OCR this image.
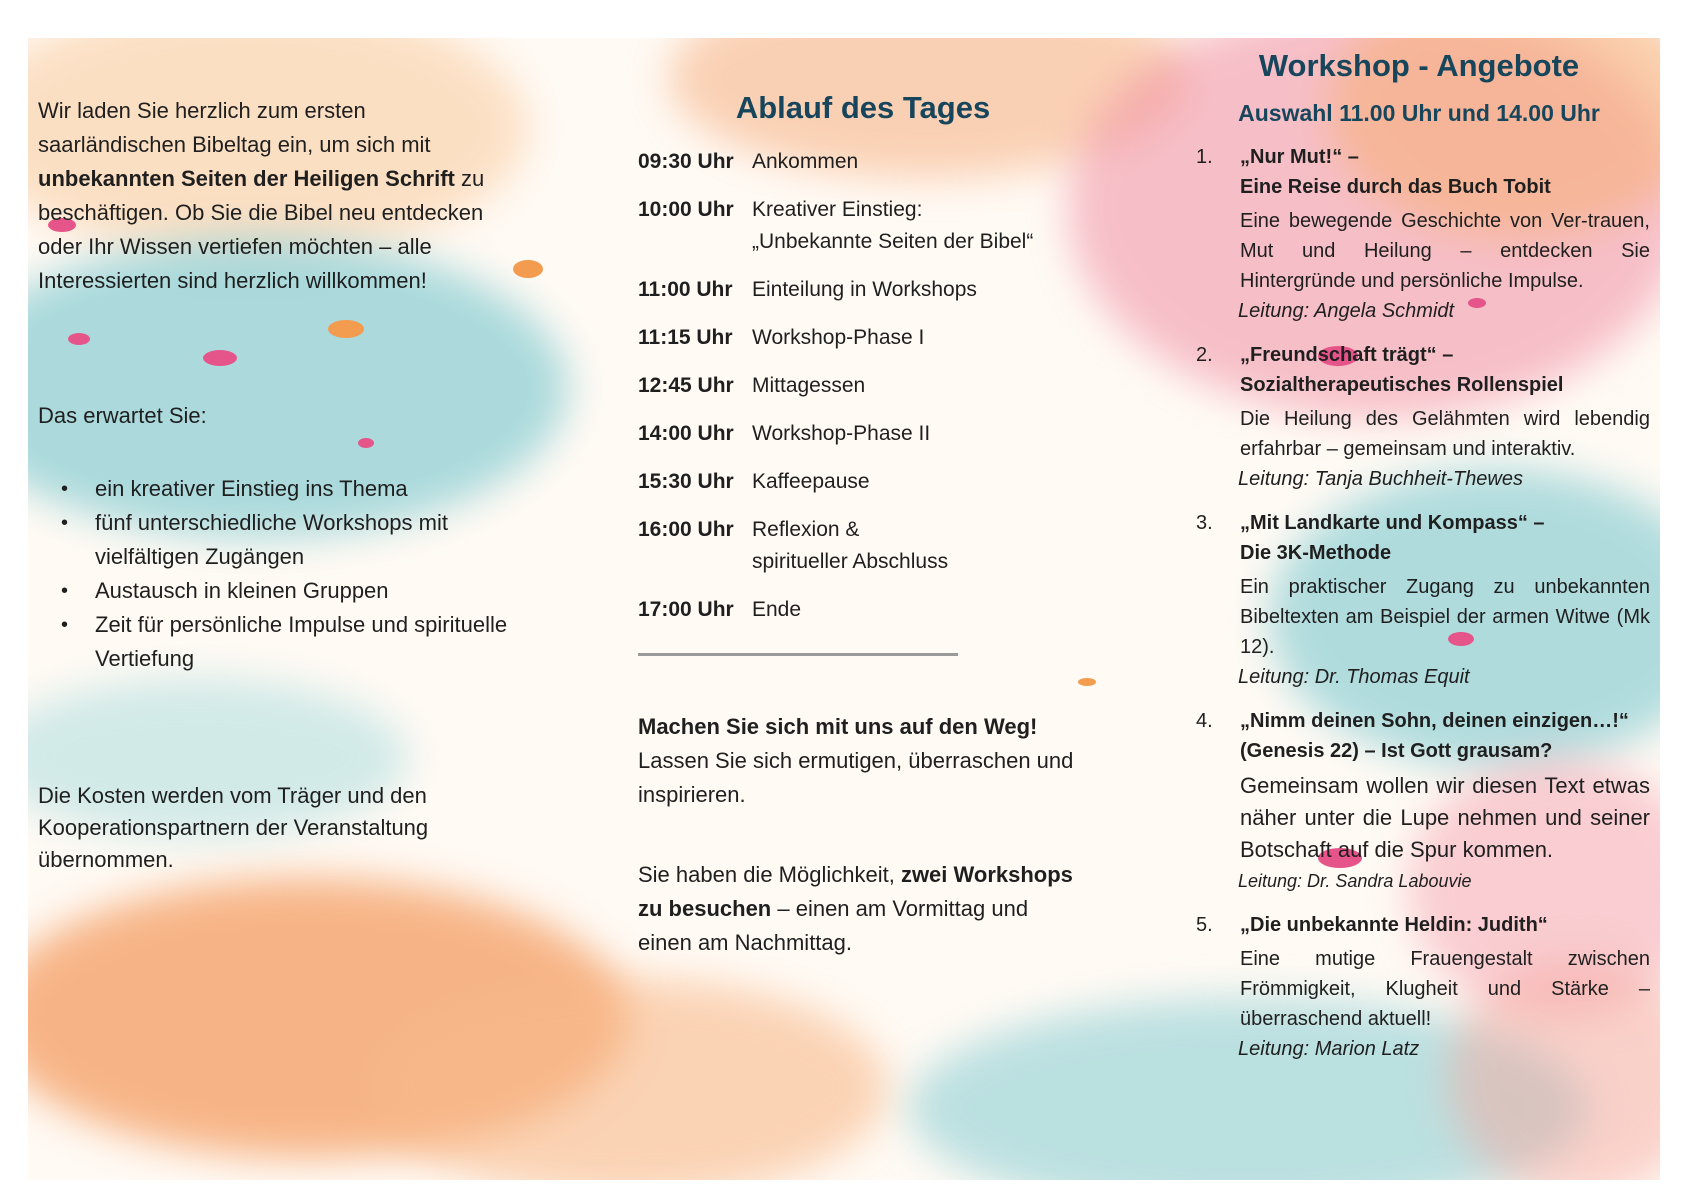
Wir laden Sie herzlich zum ersten saarländischen Bibeltag ein, um sich mit unbekannten Seiten der Heiligen Schrift zu beschäftigen. Ob Sie die Bibel neu entdecken oder Ihr Wissen vertiefen möchten – alle Interessierten sind herzlich willkommen!

Das erwartet Sie:

• ein kreativer Einstieg ins Thema
• fünf unterschiedliche Workshops mit vielfältigen Zugängen
• Austausch in kleinen Gruppen
• Zeit für persönliche Impulse und spirituelle Vertiefung

Die Kosten werden vom Träger und den Kooperationspartnern der Veranstaltung übernommen.

Ablauf des Tages
09:30 Uhr Ankommen
10:00 Uhr Kreativer Einstieg:
„Unbekannte Seiten der Bibel“
11:00 Uhr Einteilung in Workshops
11:15 Uhr Workshop-Phase I
12:45 Uhr Mittagessen
14:00 Uhr Workshop-Phase II
15:30 Uhr Kaffeepause
16:00 Uhr Reflexion &
spiritueller Abschluss
17:00 Uhr Ende

Machen Sie sich mit uns auf den Weg!
Lassen Sie sich ermutigen, überraschen und inspirieren.

Sie haben die Möglichkeit, zwei Workshops zu besuchen – einen am Vormittag und einen am Nachmittag.

Workshop - Angebote
Auswahl 11.00 Uhr und 14.00 Uhr
1. „Nur Mut!“ –
Eine Reise durch das Buch Tobit

Eine bewegende Geschichte von Ver-trauen, Mut und Heilung – entdecken Sie Hintergründe und persönliche Impulse.

Leitung: Angela Schmidt

2. „Freundschaft trägt“ –
Sozialtherapeutisches Rollenspiel

Die Heilung des Gelähmten wird lebendig erfahrbar – gemeinsam und interaktiv.

Leitung: Tanja Buchheit-Thewes

3. „Mit Landkarte und Kompass“ –
Die 3K-Methode

Ein praktischer Zugang zu unbekannten Bibeltexten am Beispiel der armen Witwe (Mk 12).

Leitung: Dr. Thomas Equit

4. „Nimm deinen Sohn, deinen einzigen…!“
(Genesis 22) – Ist Gott grausam?

Gemeinsam wollen wir diesen Text etwas näher unter die Lupe nehmen und seiner Botschaft auf die Spur kommen.

Leitung: Dr. Sandra Labouvie

5. „Die unbekannte Heldin: Judith“

Eine mutige Frauengestalt zwischen Frömmigkeit, Klugheit und Stärke – überraschend aktuell!

Leitung: Marion Latz
